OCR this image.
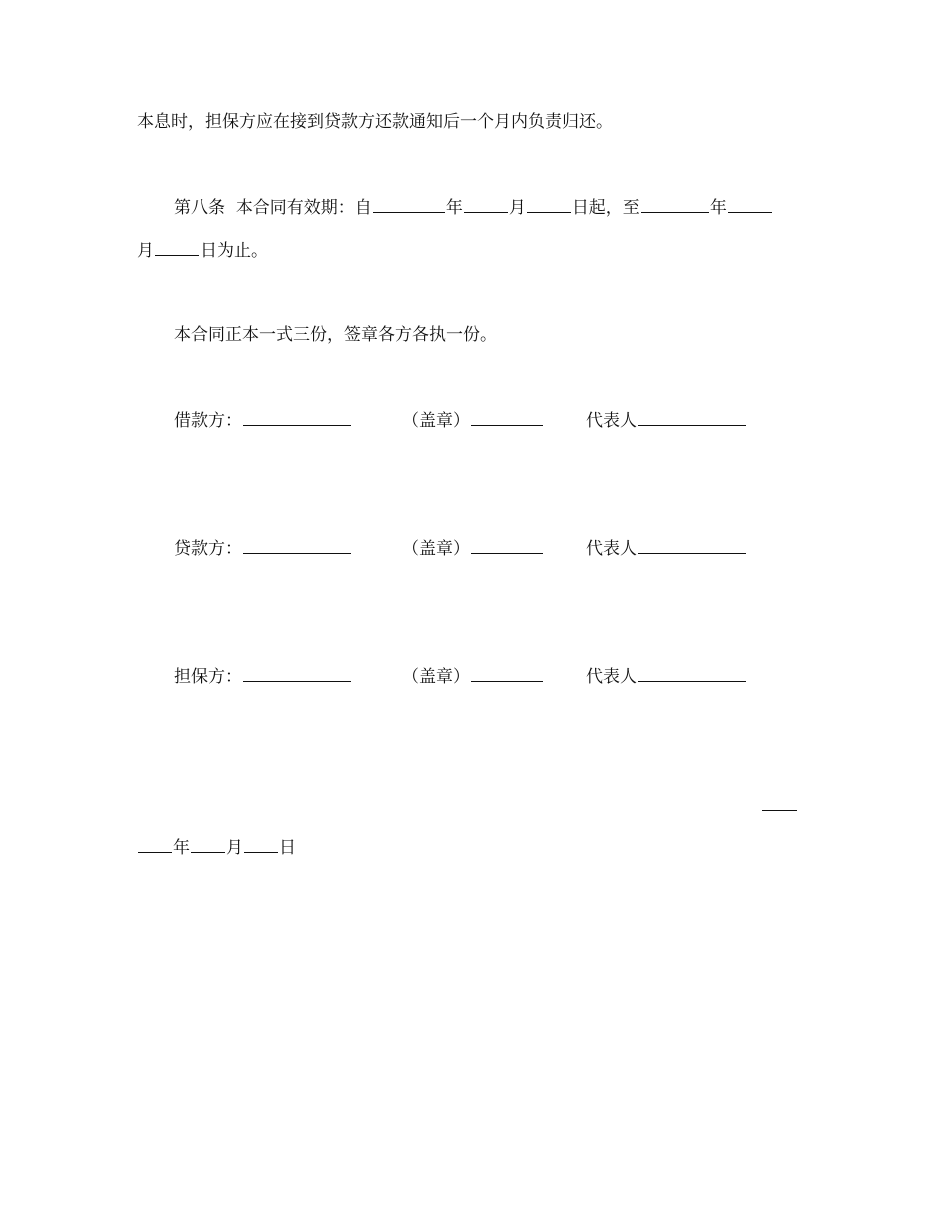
本息时，担保方应在接到贷款方还款通知后一个月内负责归还。
第八条 本合同有效期：自	年	月	日起，至	年
月	日为止。
本合同正本一式三份，签章各方各执一份。
借款方：	（盖章）	代表人
贷款方：	（盖章）	代表人
担保方：	（盖章）	代表人
年 月 日
